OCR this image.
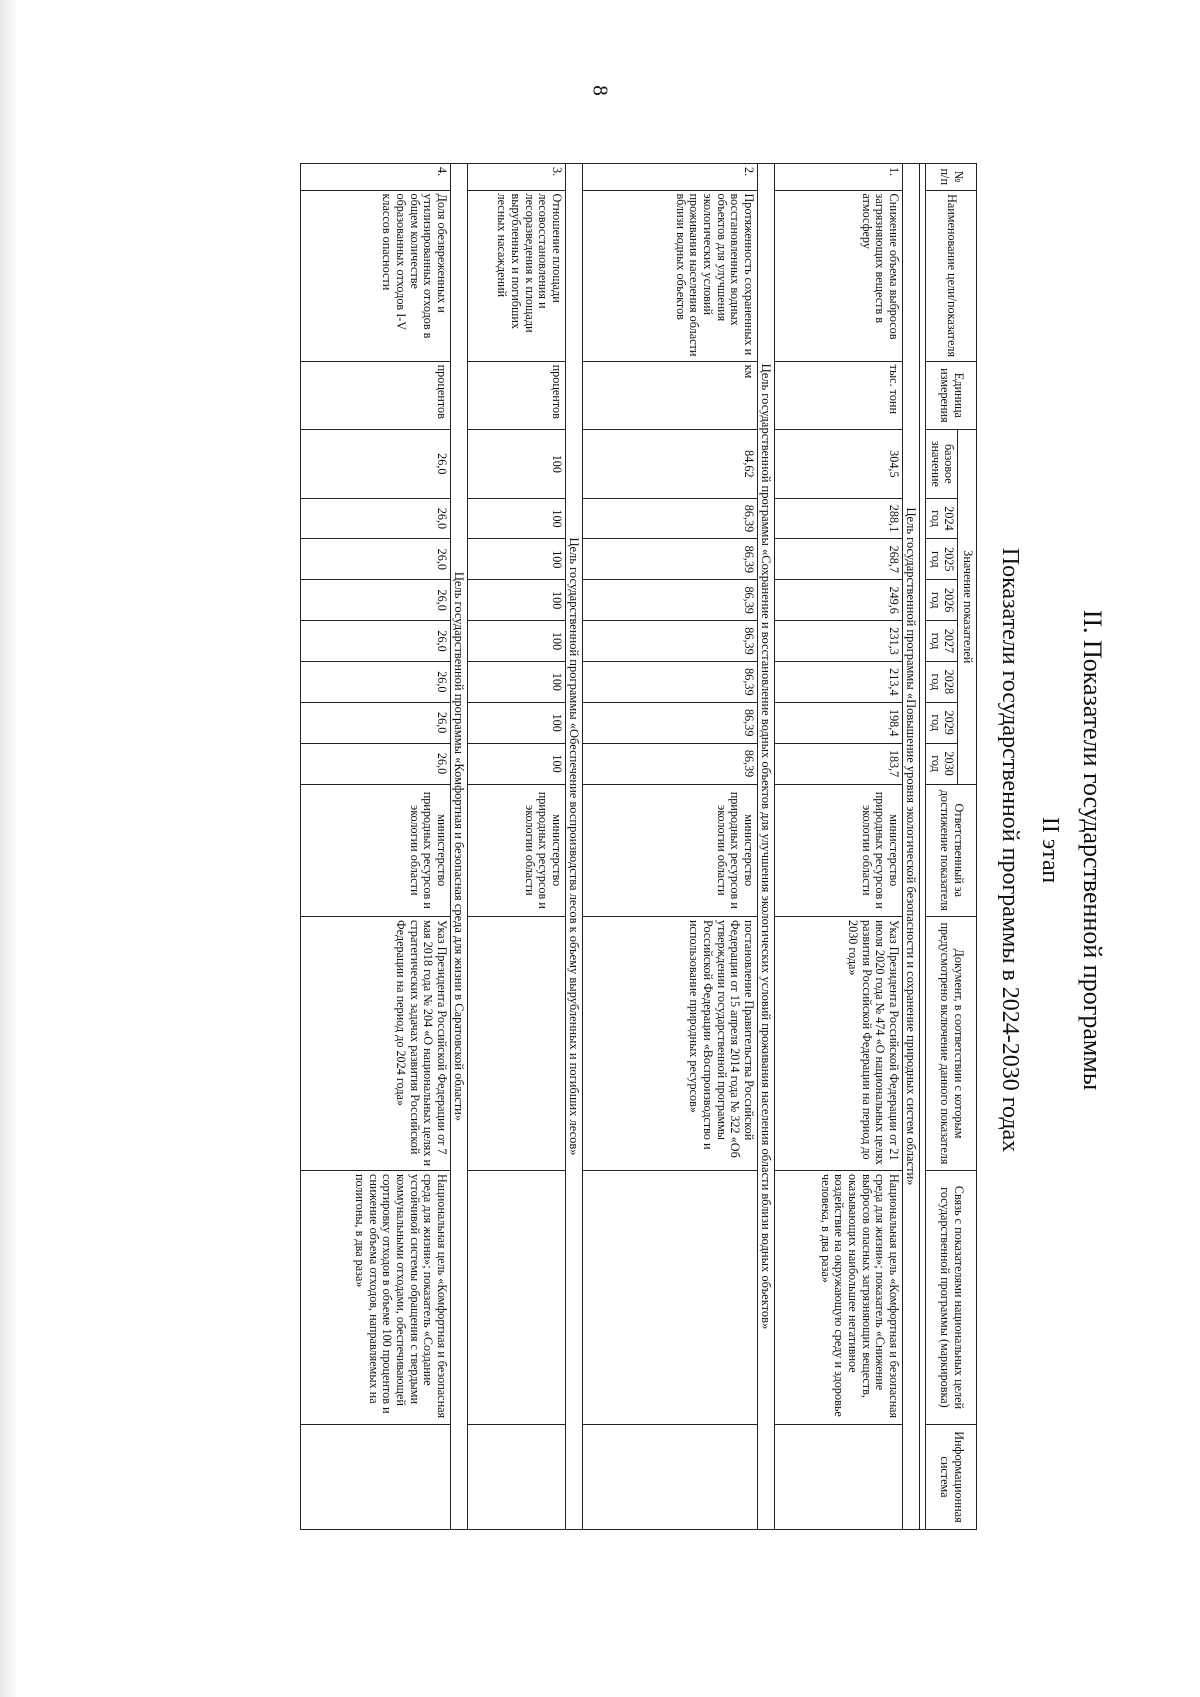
8
II. Показатели государственной программы
II этап
Показатели государственной программы в 2024-2030 годах
№ п/п	Наименование цели/показателя	Единица измерения	Значение показателей								Ответственный за достижение показателя	Документ, в соответствии с которым предусмотрено включение данного показателя	Связь с показателями национальных целей государственной программы (маркировка)	Информационная система
			базовое значение	2024 год	2025 год	2026 год	2027 год	2028 год	2029 год	2030 год				

Цель государственной программы «Повышение уровня экологической безопасности и сохранение природных систем области»														
1.	Снижение объема выбросов загрязняющих веществ в атмосферу	тыс. тонн	304,5	288,1	268,7	249,6	231,3	213,4	198,4	183,7	министерство природных ресурсов и экологии области	Указ Президента Российской Федерации от 21 июля 2020 года № 474 «О национальных целях развития Российской Федерации на период до 2030 года»	Национальная цель «Комфортная и безопасная среда для жизни»; показатель «Снижение выбросов опасных загрязняющих веществ, оказывающих наибольшее негативное воздействие на окружающую среду и здоровье человека, в два раза»	
Цель государственной программы «Сохранение и восстановление водных объектов для улучшения экологических условий проживания населения области вблизи водных объектов»														
2.	Протяженность сохраненных и восстановленных водных объектов для улучшения экологических условий проживания населения области вблизи водных объектов	км	84,62	86,39	86,39	86,39	86,39	86,39	86,39	86,39	министерство природных ресурсов и экологии области	постановление Правительства Российской Федерации от 15 апреля 2014 года № 322 «Об утверждении государственной программы Российской Федерации «Воспроизводство и использование природных ресурсов»		
Цель государственной программы «Обеспечение воспроизводства лесов к объему вырубленных и погибших лесов»														
3.	Отношение площади лесовосстановления и лесоразведения к площади вырубленных и погибших лесных насаждений	процентов	100	100	100	100	100	100	100	100	министерство природных ресурсов и экологии области			
Цель государственной программы «Комфортная и безопасная среда для жизни в Саратовской области»														
4.	Доля обезвреженных и утилизированных отходов в общем количестве образованных отходов I-V классов опасности	процентов	26,0	26,0	26,0	26,0	26,0	26,0	26,0	26,0	министерство природных ресурсов и экологии области	Указ Президента Российской Федерации от 7 мая 2018 года № 204 «О национальных целях и стратегических задачах развития Российской Федерации на период до 2024 года»	Национальная цель «Комфортная и безопасная среда для жизни»; показатель «Создание устойчивой системы обращения с твердыми коммунальными отходами, обеспечивающей сортировку отходов в объеме 100 процентов и снижение объема отходов, направляемых на полигоны, в два раза»	
